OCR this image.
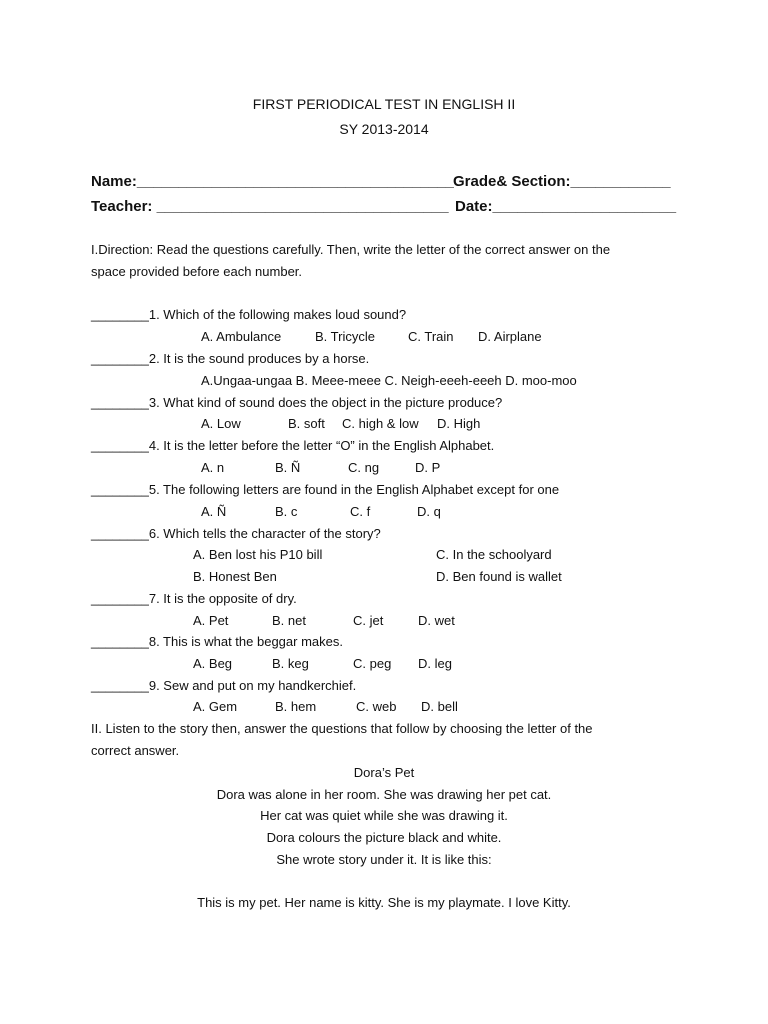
FIRST PERIODICAL TEST IN ENGLISH II
SY 2013-2014
Name:______________________________________ Grade& Section:____________
Teacher: ___________________________________ Date:______________________
I.Direction: Read the questions carefully. Then, write the letter of the correct answer on the
space provided before each number.
________1. Which of the following makes loud sound?
A. Ambulance	B. Tricycle	C. Train D. Airplane
________2. It is the sound produces by a horse.
A.Ungaa-ungaa B. Meee-meee C. Neigh-eeeh-eeeh D. moo-moo
________3. What kind of sound does the object in the picture produce?
A. Low	B. soft C. high & low D. High
________4. It is the letter before the letter “O” in the English Alphabet.
A. n	B. Ñ	C. ng	D. P
________5. The following letters are found in the English Alphabet except for one
A. Ñ	B. c	C. f	D. q
________6. Which tells the character of the story?
A. Ben lost his P10 bill	C. In the schoolyard
B. Honest Ben	D. Ben found is wallet
________7. It is the opposite of dry.
A. Pet	B. net	C. jet	D. wet
________8. This is what the beggar makes.
A. Beg	B. keg	C. peg D. leg
________9. Sew and put on my handkerchief.
A. Gem	B. hem	C. web D. bell
II. Listen to the story then, answer the questions that follow by choosing the letter of the
correct answer.
Dora’s Pet
Dora was alone in her room. She was drawing her pet cat.
Her cat was quiet while she was drawing it.
Dora colours the picture black and white.
She wrote story under it. It is like this:
This is my pet. Her name is kitty. She is my playmate. I love Kitty.
